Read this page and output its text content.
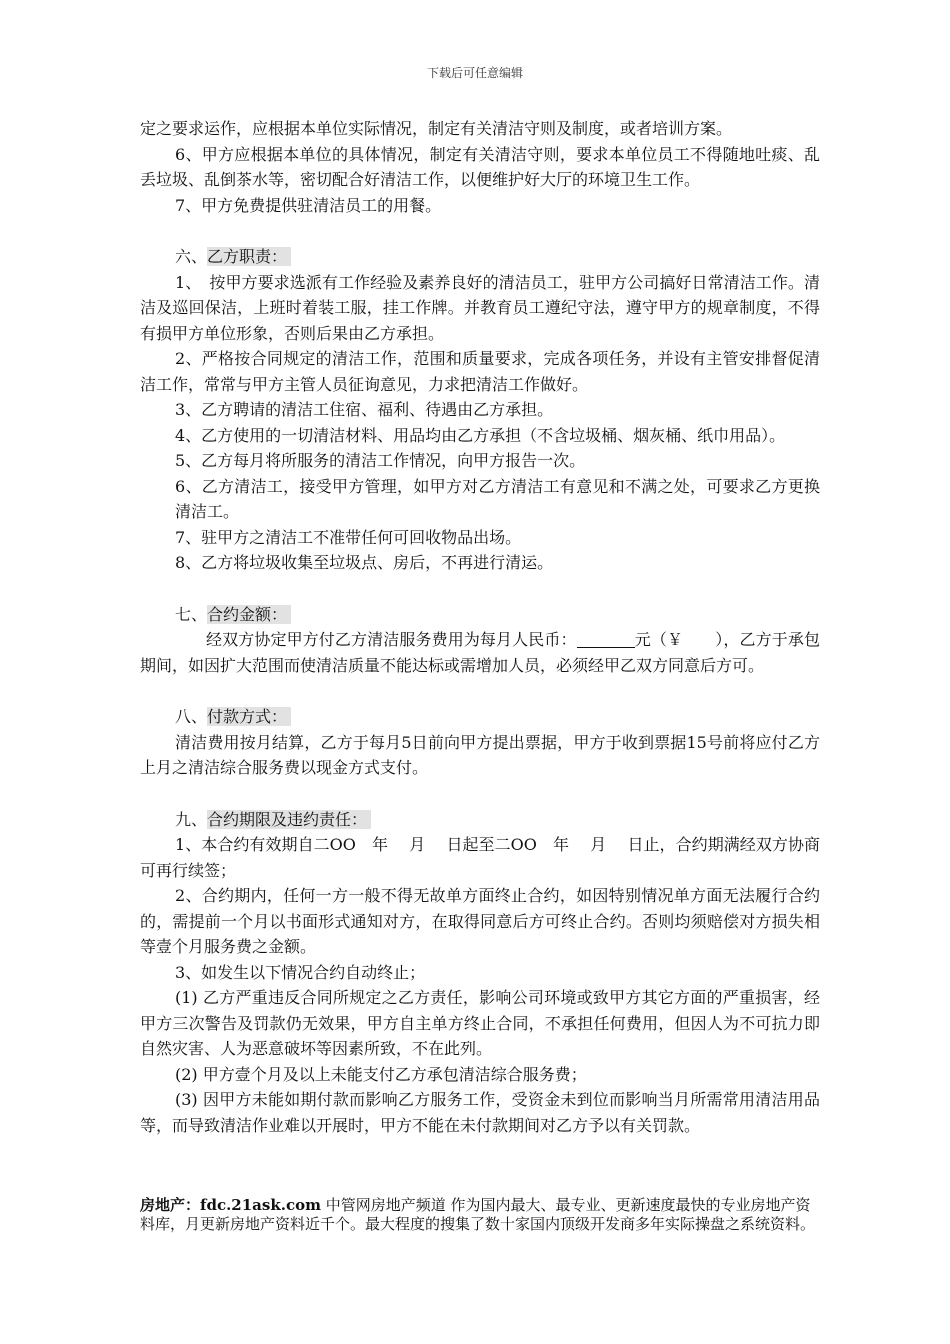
下载后可任意编辑

定之要求运作，应根据本单位实际情况，制定有关清洁守则及制度，或者培训方案。

6、甲方应根据本单位的具体情况，制定有关清洁守则，要求本单位员工不得随地吐痰、乱丢垃圾、乱倒茶水等，密切配合好清洁工作，以便维护好大厅的环境卫生工作。

7、甲方免费提供驻清洁员工的用餐。

六、乙方职责：

1、　按甲方要求选派有工作经验及素养良好的清洁员工，驻甲方公司搞好日常清洁工作。清洁及巡回保洁，上班时着装工服，挂工作牌。并教育员工遵纪守法，遵守甲方的规章制度，不得有损甲方单位形象，否则后果由乙方承担。

2、严格按合同规定的清洁工作，范围和质量要求，完成各项任务，并设有主管安排督促清洁工作，常常与甲方主管人员征询意见，力求把清洁工作做好。

3、乙方聘请的清洁工住宿、福利、待遇由乙方承担。

4、乙方使用的一切清洁材料、用品均由乙方承担（不含垃圾桶、烟灰桶、纸巾用品）。

5、乙方每月将所服务的清洁工作情况，向甲方报告一次。

6、乙方清洁工，接受甲方管理，如甲方对乙方清洁工有意见和不满之处，可要求乙方更换清洁工。

7、驻甲方之清洁工不准带任何可回收物品出场。

8、乙方将垃圾收集至垃圾点、房后，不再进行清运。

七、合约金额：

经双方协定甲方付乙方清洁服务费用为每月人民币：	元（￥　　），乙方于承包期间，如因扩大范围而使清洁质量不能达标或需增加人员，必须经甲乙双方同意后方可。

八、付款方式：

清洁费用按月结算，乙方于每月5日前向甲方提出票据，甲方于收到票据15号前将应付乙方上月之清洁综合服务费以现金方式支付。

九、合约期限及违约责任：

1、本合约有效期自二OO　年　 月　 日起至二OO　年　 月　 日止，合约期满经双方协商可再行续签；

2、合约期内，任何一方一般不得无故单方面终止合约，如因特别情况单方面无法履行合约的，需提前一个月以书面形式通知对方，在取得同意后方可终止合约。否则均须赔偿对方损失相等壹个月服务费之金额。

3、如发生以下情况合约自动终止；

(1) 乙方严重违反合同所规定之乙方责任，影响公司环境或致甲方其它方面的严重损害，经甲方三次警告及罚款仍无效果，甲方自主单方终止合同，不承担任何费用，但因人为不可抗力即自然灾害、人为恶意破坏等因素所致，不在此列。

(2) 甲方壹个月及以上未能支付乙方承包清洁综合服务费；

(3) 因甲方未能如期付款而影响乙方服务工作，受资金未到位而影响当月所需常用清洁用品等，而导致清洁作业难以开展时，甲方不能在未付款期间对乙方予以有关罚款。

房地产：fdc.21ask.com 中管网房地产频道 作为国内最大、最专业、更新速度最快的专业房地产资料库，月更新房地产资料近千个。最大程度的搜集了数十家国内顶级开发商多年实际操盘之系统资料。
